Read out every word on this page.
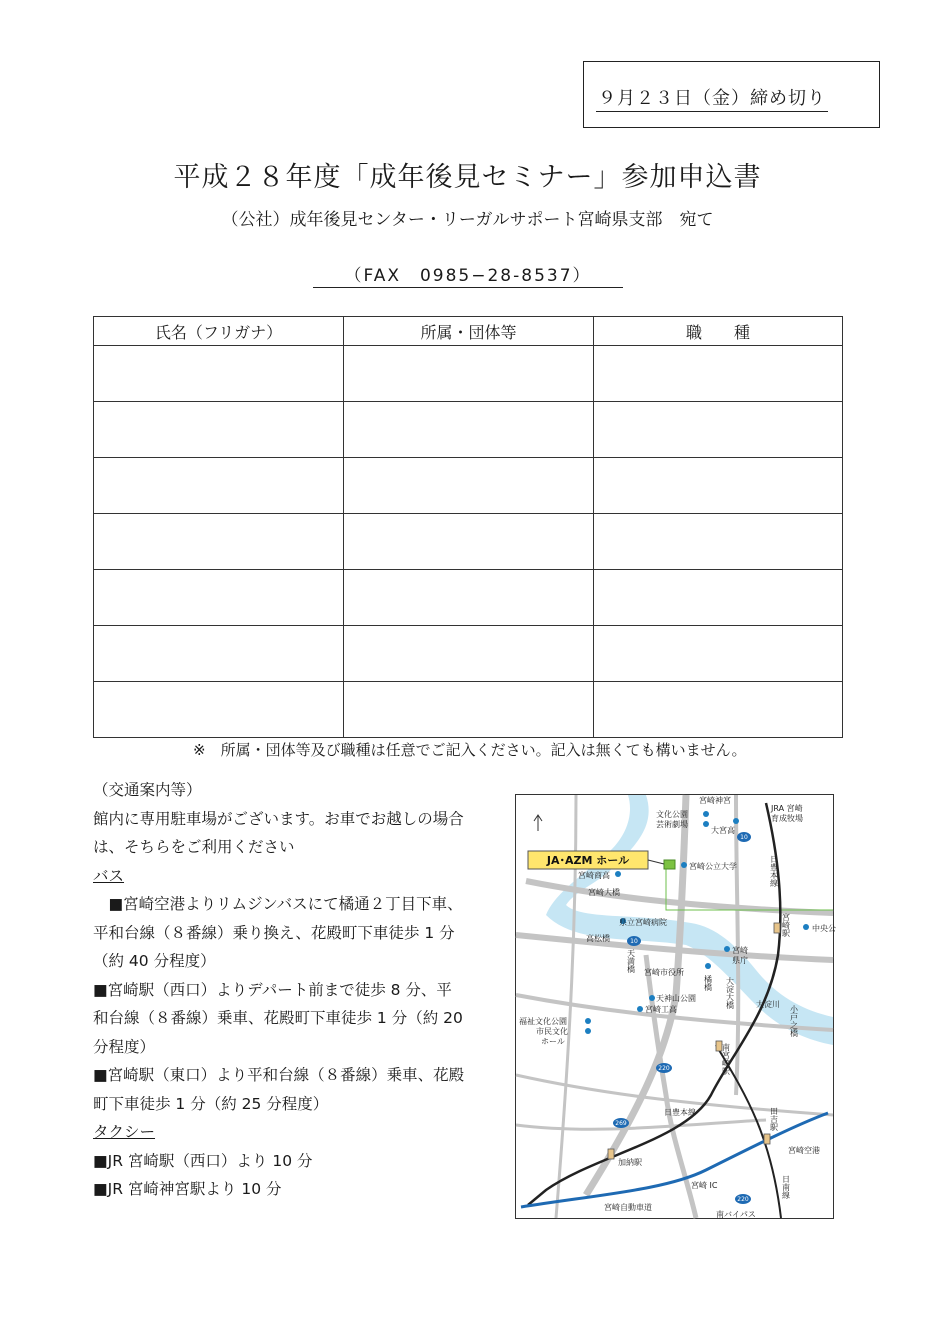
９月２３日（金）締め切り
平成２８年度「成年後見セミナー」参加申込書
（公社）成年後見センター・リーガルサポート宮崎県支部　宛て
（FAX　0985−28‐8537）
氏名（フリガナ）	所属・団体等	職　　種

※　所属・団体等及び職種は任意でご記入ください。記入は無くても構いません。
（交通案内等）
館内に専用駐車場がございます。お車でお越しの場合
は、そちらをご利用ください
バス
　■宮崎空港よりリムジンバスにて橘通２丁目下車、
平和台線（８番線）乗り換え、花殿町下車徒歩 1 分
（約 40 分程度）
■宮崎駅（西口）よりデパート前まで徒歩 8 分、平
和台線（８番線）乗車、花殿町下車徒歩 1 分（約 20
分程度）
■宮崎駅（東口）より平和台線（８番線）乗車、花殿
町下車徒歩 1 分（約 25 分程度）
タクシー
■JR 宮崎駅（西口）より 10 分
■JR 宮崎神宮駅より 10 分
JA･AZM ホール
10
10
220
269
220
宮崎神宮
文化公園
芸術劇場
大宮高
JRA 宮崎
育成牧場
宮崎公立大学
宮崎商高
宮崎大橋
県立宮崎病院
高松橋
宮崎
県庁
宮崎市役所
天神山公園
宮崎工高
福祉文化公園
市民文化
ホール
大淀川
中央公
日豊本線
加納駅
宮崎 IC
宮崎自動車道
南バイパス
宮崎空港
日豊本線
宮崎駅
南宮崎駅
田吉駅
日南線
大淀大橋
小戸之橋
橘橋
天満橋
